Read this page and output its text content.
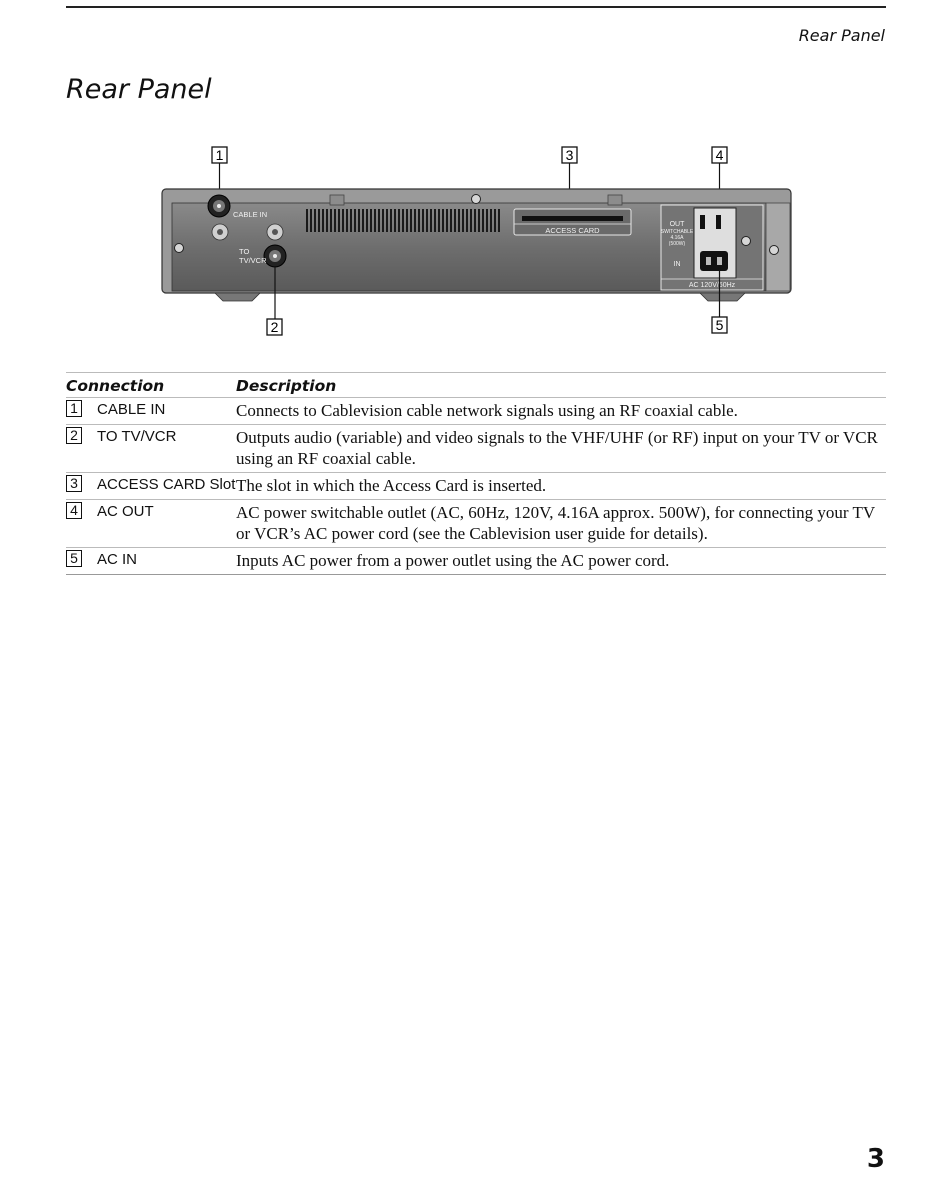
Rear Panel
Rear Panel
1	3	4
CABLE IN
TO
TV/VCR
ACCESS CARD
OUT
SWITCHABLE
4.16A
(500W)
IN
AC 120V/60Hz
2	5
Connection	Description
1 CABLE IN	Connects to Cablevision cable network signals using an RF coaxial cable.
2 TO TV/VCR	Outputs audio (variable) and video signals to the VHF/UHF (or RF) input on your TV or VCR using an RF coaxial cable.
3 ACCESS CARD Slot	The slot in which the Access Card is inserted.
4 AC OUT	AC power switchable outlet (AC, 60Hz, 120V, 4.16A approx. 500W), for connecting your TV or VCR’s AC power cord (see the Cablevision user guide for details).
5 AC IN	Inputs AC power from a power outlet using the AC power cord.
3
